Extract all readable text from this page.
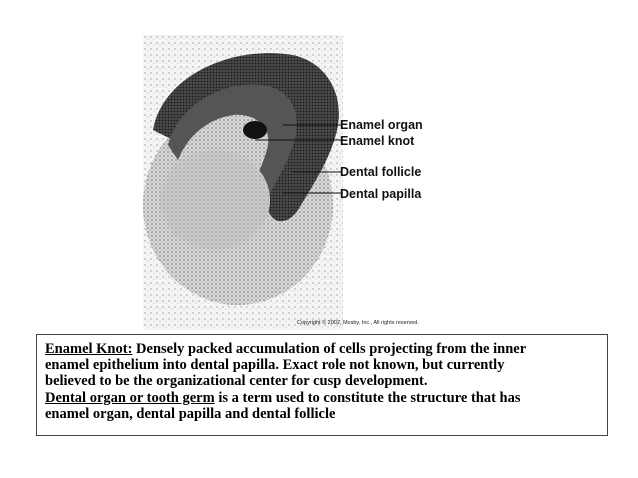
Enamel organ
Enamel knot
Dental follicle
Dental papilla
Copyright © 2002, Mosby, Inc., All rights reserved.
Enamel Knot: Densely packed accumulation of cells projecting from the inner
enamel epithelium into dental papilla. Exact role not known, but currently
believed to be the organizational center for cusp development.
Dental organ or tooth germ is a term used to constitute the structure that has
enamel organ, dental papilla and dental follicle
